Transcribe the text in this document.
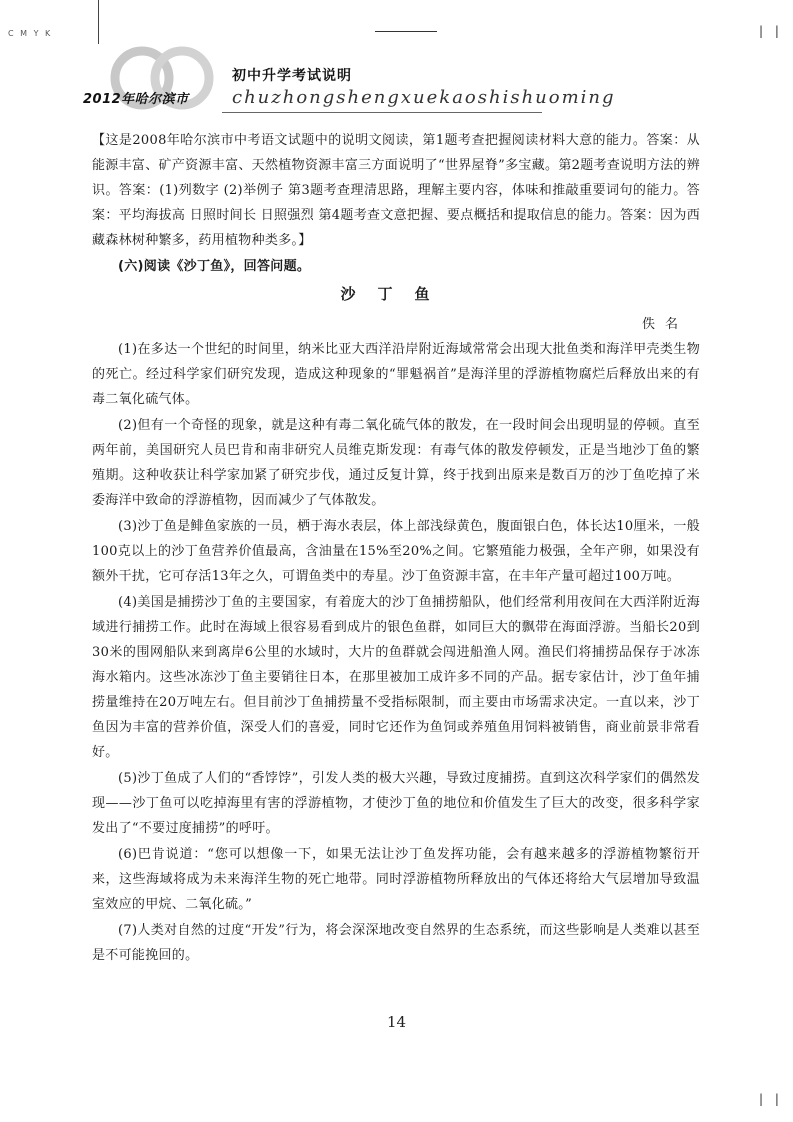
C M Y K	| |
| |
2012年哈尔滨市
初中升学考试说明
chuzhongshengxuekaoshishuoming

【这是2008年哈尔滨市中考语文试题中的说明文阅读，第1题考查把握阅读材料大意的能力。答案：从能源丰富、矿产资源丰富、天然植物资源丰富三方面说明了“世界屋脊”多宝藏。第2题考查说明方法的辨识。答案：(1)列数字 (2)举例子 第3题考查理清思路，理解主要内容，体味和推敲重要词句的能力。答案：平均海拔高 日照时间长 日照强烈 第4题考查文意把握、要点概括和提取信息的能力。答案：因为西藏森林树种繁多，药用植物种类多。】

(六)阅读《沙丁鱼》，回答问题。

沙丁鱼
佚名

(1)在多达一个世纪的时间里，纳米比亚大西洋沿岸附近海域常常会出现大批鱼类和海洋甲壳类生物的死亡。经过科学家们研究发现，造成这种现象的“罪魁祸首”是海洋里的浮游植物腐烂后释放出来的有毒二氧化硫气体。

(2)但有一个奇怪的现象，就是这种有毒二氧化硫气体的散发，在一段时间会出现明显的停顿。直至两年前，美国研究人员巴肯和南非研究人员维克斯发现：有毒气体的散发停顿发，正是当地沙丁鱼的繁殖期。这种收获让科学家加紧了研究步伐，通过反复计算，终于找到出原来是数百万的沙丁鱼吃掉了米委海洋中致命的浮游植物，因而减少了气体散发。

(3)沙丁鱼是鲱鱼家族的一员，栖于海水表层，体上部浅绿黄色，腹面银白色，体长达10厘米，一般100克以上的沙丁鱼营养价值最高，含油量在15%至20%之间。它繁殖能力极强，全年产卵，如果没有额外干扰，它可存活13年之久，可谓鱼类中的寿星。沙丁鱼资源丰富，在丰年产量可超过100万吨。

(4)美国是捕捞沙丁鱼的主要国家，有着庞大的沙丁鱼捕捞船队，他们经常利用夜间在大西洋附近海域进行捕捞工作。此时在海域上很容易看到成片的银色鱼群，如同巨大的飘带在海面浮游。当船长20到30米的围网船队来到离岸6公里的水域时，大片的鱼群就会闯进船渔人网。渔民们将捕捞品保存于冰冻海水箱内。这些冰冻沙丁鱼主要销往日本，在那里被加工成许多不同的产品。据专家估计，沙丁鱼年捕捞量维持在20万吨左右。但目前沙丁鱼捕捞量不受指标限制，而主要由市场需求决定。一直以来，沙丁鱼因为丰富的营养价值，深受人们的喜爱，同时它还作为鱼饲或养殖鱼用饲料被销售，商业前景非常看好。

(5)沙丁鱼成了人们的“香饽饽”，引发人类的极大兴趣，导致过度捕捞。直到这次科学家们的偶然发现——沙丁鱼可以吃掉海里有害的浮游植物，才使沙丁鱼的地位和价值发生了巨大的改变，很多科学家发出了“不要过度捕捞”的呼吁。

(6)巴肯说道：“您可以想像一下，如果无法让沙丁鱼发挥功能，会有越来越多的浮游植物繁衍开来，这些海域将成为未来海洋生物的死亡地带。同时浮游植物所释放出的气体还将给大气层增加导致温室效应的甲烷、二氧化硫。”

(7)人类对自然的过度“开发”行为，将会深深地改变自然界的生态系统，而这些影响是人类难以甚至是不可能挽回的。

14
